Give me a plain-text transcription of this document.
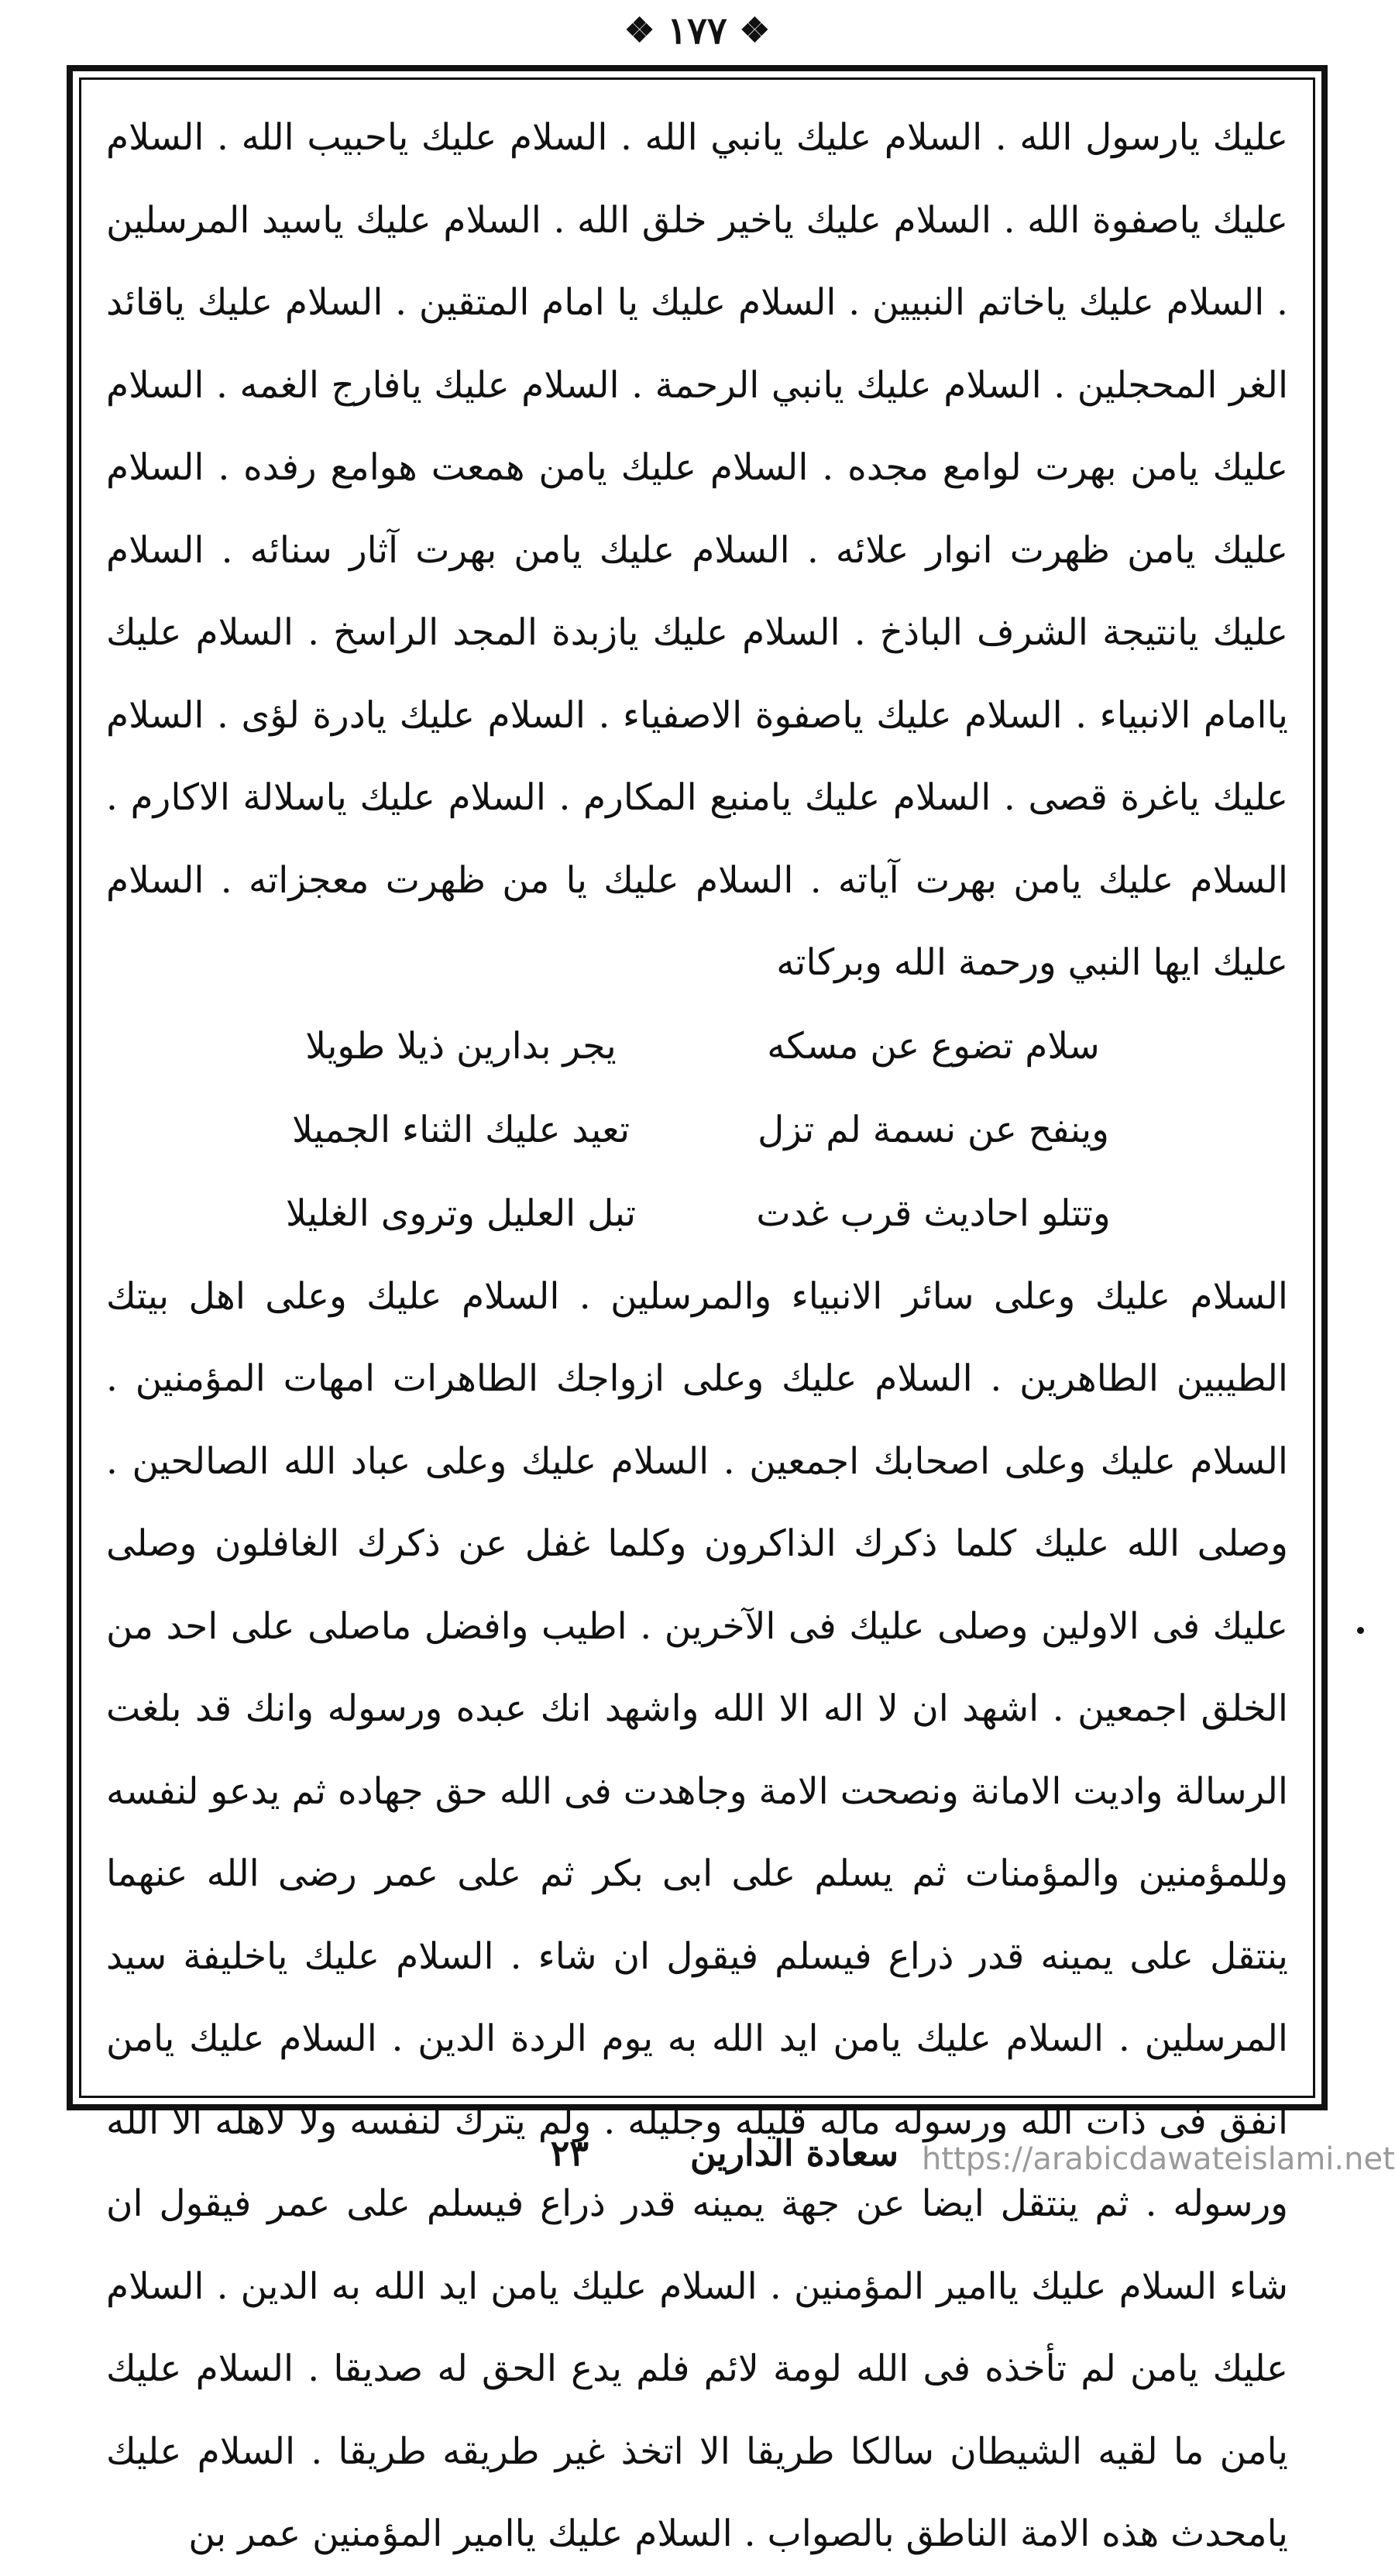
❖ ١٧٧ ❖

عليك يارسول الله . السلام عليك يانبي الله . السلام عليك ياحبيب الله . السلام عليك ياصفوة الله . السلام عليك ياخير خلق الله . السلام عليك ياسيد المرسلين . السلام عليك ياخاتم النبيين . السلام عليك يا امام المتقين . السلام عليك ياقائد الغر المحجلين . السلام عليك يانبي الرحمة . السلام عليك يافارج الغمه . السلام عليك يامن بهرت لوامع مجده . السلام عليك يامن همعت هوامع رفده . السلام عليك يامن ظهرت انوار علائه . السلام عليك يامن بهرت آثار سنائه . السلام عليك يانتيجة الشرف الباذخ . السلام عليك يازبدة المجد الراسخ . السلام عليك ياامام الانبياء . السلام عليك ياصفوة الاصفياء . السلام عليك يادرة لؤى . السلام عليك ياغرة قصى . السلام عليك يامنبع المكارم . السلام عليك ياسلالة الاكارم . السلام عليك يامن بهرت آياته . السلام عليك يا من ظهرت معجزاته . السلام عليك ايها النبي ورحمة الله وبركاته

سلام تضوع عن مسكه
يجر بدارين ذيلا طويلا
وينفح عن نسمة لم تزل
تعيد عليك الثناء الجميلا
وتتلو احاديث قرب غدت
تبل العليل وتروى الغليلا

السلام عليك وعلى سائر الانبياء والمرسلين . السلام عليك وعلى اهل بيتك الطيبين الطاهرين . السلام عليك وعلى ازواجك الطاهرات امهات المؤمنين . السلام عليك وعلى اصحابك اجمعين . السلام عليك وعلى عباد الله الصالحين . وصلى الله عليك كلما ذكرك الذاكرون وكلما غفل عن ذكرك الغافلون وصلى عليك فى الاولين وصلى عليك فى الآخرين . اطيب وافضل ماصلى على احد من الخلق اجمعين . اشهد ان لا اله الا الله واشهد انك عبده ورسوله وانك قد بلغت الرسالة واديت الامانة ونصحت الامة وجاهدت فى الله حق جهاده ثم يدعو لنفسه وللمؤمنين والمؤمنات ثم يسلم على ابى بكر ثم على عمر رضى الله عنهما ينتقل على يمينه قدر ذراع فيسلم فيقول ان شاء . السلام عليك ياخليفة سيد المرسلين . السلام عليك يامن ايد الله به يوم الردة الدين . السلام عليك يامن انفق فى ذات الله ورسوله ماله قليله وجليله . ولم يترك لنفسه ولا لاهله الا الله ورسوله . ثم ينتقل ايضا عن جهة يمينه قدر ذراع فيسلم على عمر فيقول ان شاء السلام عليك ياامير المؤمنين . السلام عليك يامن ايد الله به الدين . السلام عليك يامن لم تأخذه فى الله لومة لائم فلم يدع الحق له صديقا . السلام عليك يامن ما لقيه الشيطان سالكا طريقا الا اتخذ غير طريقه طريقا . السلام عليك يامحدث هذه الامة الناطق بالصواب . السلام عليك ياامير المؤمنين عمر بن

سعادة الدارين
٢٣	https://arabicdawateislami.net
